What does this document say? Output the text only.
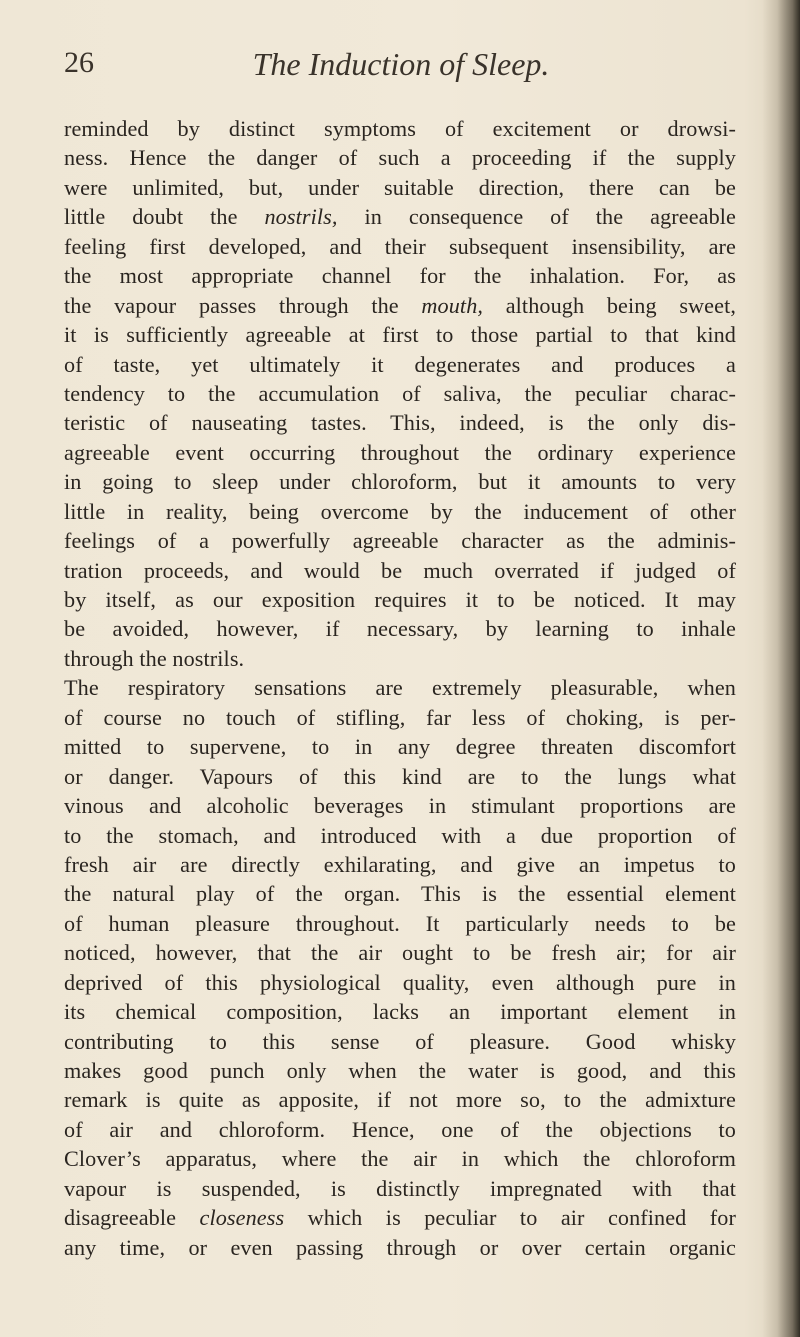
26	The Induction of Sleep.
reminded by distinct symptoms of excitement or drowsi-
ness. Hence the danger of such a proceeding if the supply
were unlimited, but, under suitable direction, there can be
little doubt the nostrils, in consequence of the agreeable
feeling first developed, and their subsequent insensibility, are
the most appropriate channel for the inhalation. For, as
the vapour passes through the mouth, although being sweet,
it is sufficiently agreeable at first to those partial to that kind
of taste, yet ultimately it degenerates and produces a
tendency to the accumulation of saliva, the peculiar charac-
teristic of nauseating tastes. This, indeed, is the only dis-
agreeable event occurring throughout the ordinary experience
in going to sleep under chloroform, but it amounts to very
little in reality, being overcome by the inducement of other
feelings of a powerfully agreeable character as the adminis-
tration proceeds, and would be much overrated if judged of
by itself, as our exposition requires it to be noticed. It may
be avoided, however, if necessary, by learning to inhale
through the nostrils.
The respiratory sensations are extremely pleasurable, when
of course no touch of stifling, far less of choking, is per-
mitted to supervene, to in any degree threaten discomfort
or danger. Vapours of this kind are to the lungs what
vinous and alcoholic beverages in stimulant proportions are
to the stomach, and introduced with a due proportion of
fresh air are directly exhilarating, and give an impetus to
the natural play of the organ. This is the essential element
of human pleasure throughout. It particularly needs to be
noticed, however, that the air ought to be fresh air; for air
deprived of this physiological quality, even although pure in
its chemical composition, lacks an important element in
contributing to this sense of pleasure. Good whisky
makes good punch only when the water is good, and this
remark is quite as apposite, if not more so, to the admixture
of air and chloroform. Hence, one of the objections to
Clover’s apparatus, where the air in which the chloroform
vapour is suspended, is distinctly impregnated with that
disagreeable closeness which is peculiar to air confined for
any time, or even passing through or over certain organic
